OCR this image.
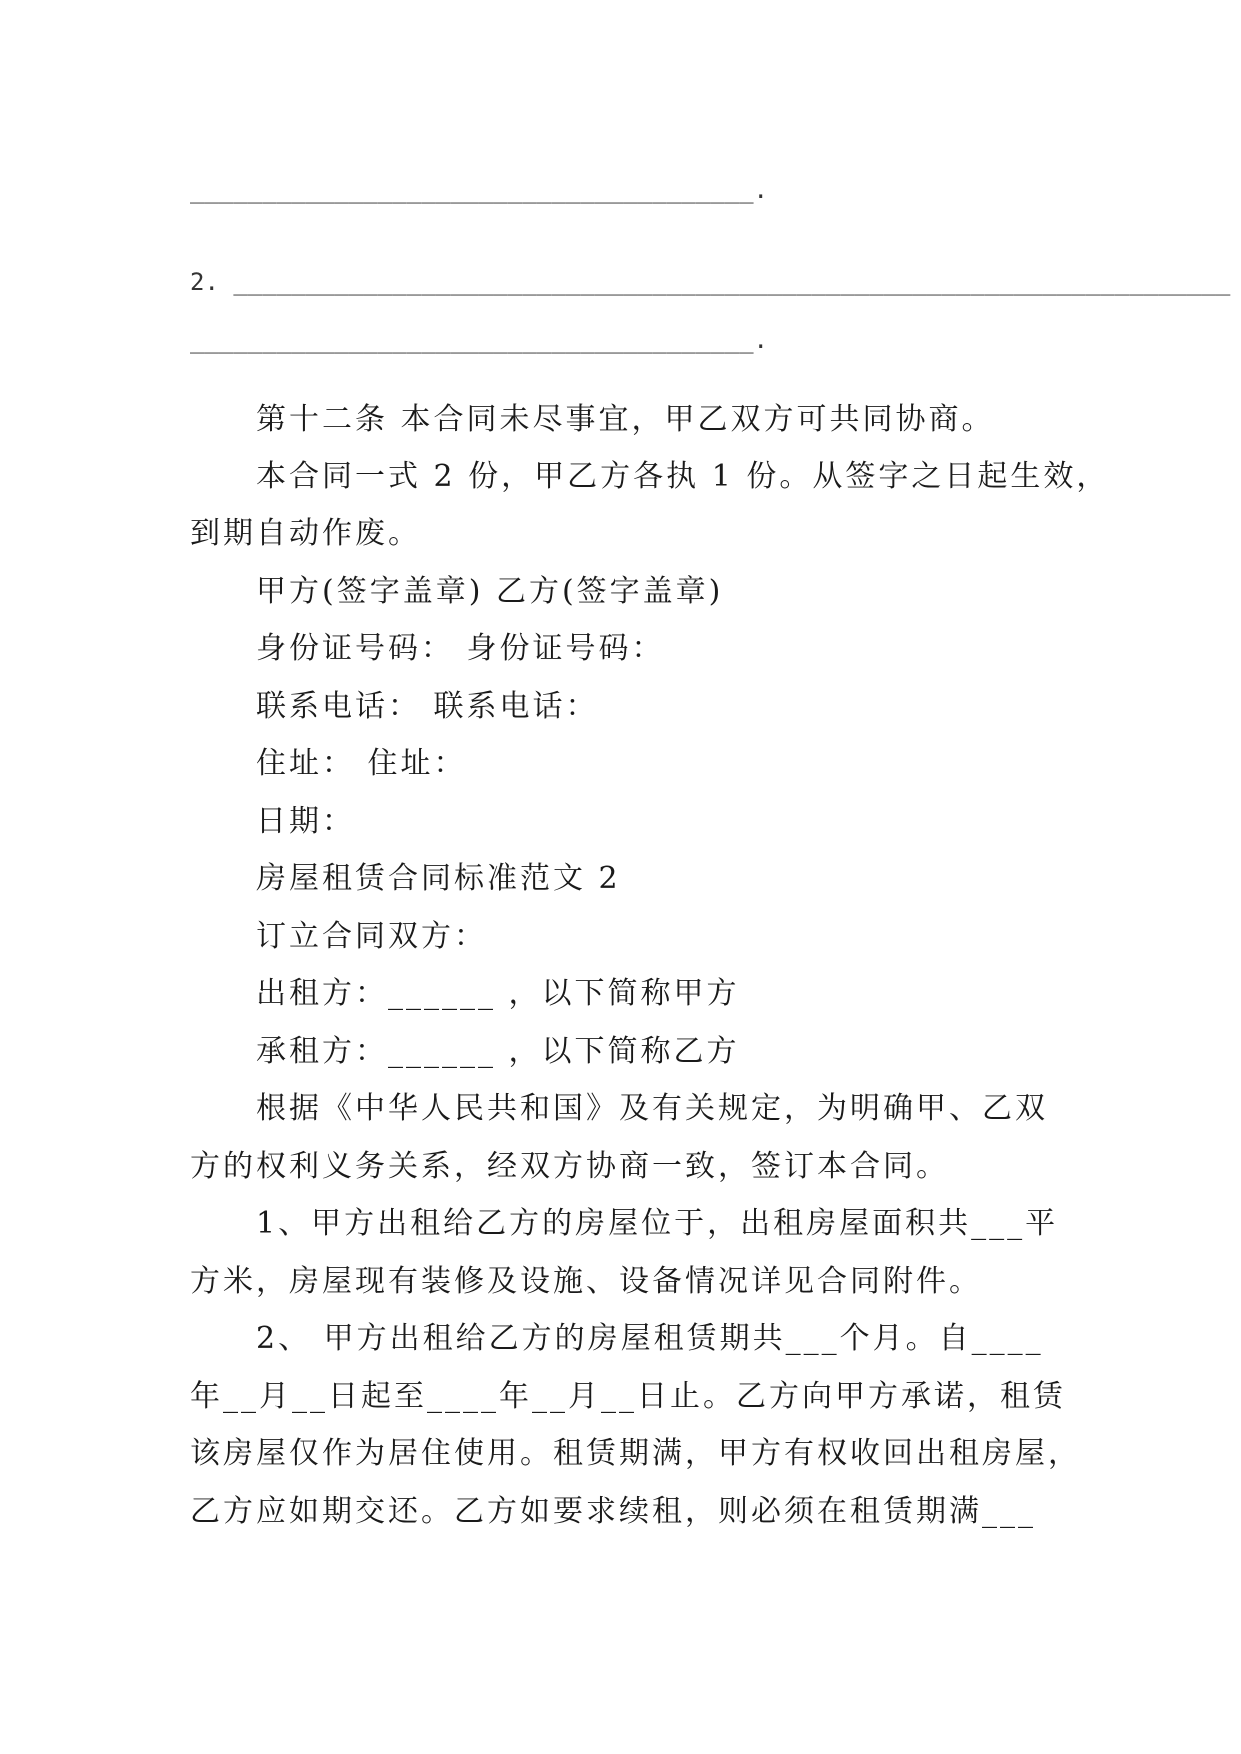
_______________________________________.
2. _____________________________________________________________________
_______________________________________.
第十二条 本合同未尽事宜，甲乙双方可共同协商。
本合同一式 2 份，甲乙方各执 1 份。从签字之日起生效，
到期自动作废。
甲方(签字盖章) 乙方(签字盖章)
身份证号码： 身份证号码：
联系电话： 联系电话：
住址： 住址：
日期：
房屋租赁合同标准范文 2
订立合同双方：
出租方：______ ，以下简称甲方
承租方：______ ，以下简称乙方
根据《中华人民共和国》及有关规定，为明确甲、乙双
方的权利义务关系，经双方协商一致，签订本合同。
1、甲方出租给乙方的房屋位于，出租房屋面积共___平
方米，房屋现有装修及设施、设备情况详见合同附件。
2、 甲方出租给乙方的房屋租赁期共___个月。自____
年__月__日起至____年__月__日止。乙方向甲方承诺，租赁
该房屋仅作为居住使用。租赁期满，甲方有权收回出租房屋，
乙方应如期交还。乙方如要求续租，则必须在租赁期满___
